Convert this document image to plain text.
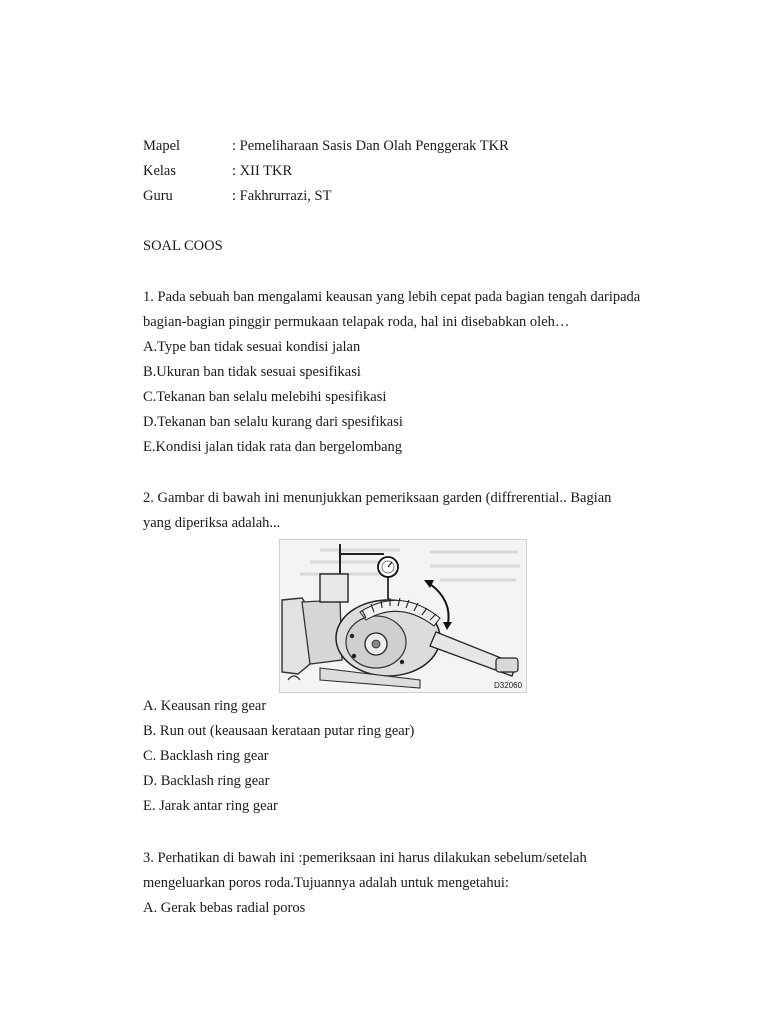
Mapel	: Pemeliharaan Sasis Dan Olah Penggerak TKR
Kelas	: XII TKR
Guru	: Fakhrurrazi, ST
SOAL COOS
1. Pada sebuah ban mengalami keausan yang lebih cepat pada bagian tengah daripada
bagian-bagian pinggir permukaan telapak roda, hal ini disebabkan oleh…
A.Type ban tidak sesuai kondisi jalan
B.Ukuran ban tidak sesuai spesifikasi
C.Tekanan ban selalu melebihi spesifikasi
D.Tekanan ban selalu kurang dari spesifikasi
E.Kondisi jalan tidak rata dan bergelombang
2. Gambar di bawah ini menunjukkan pemeriksaan garden (diffrerential.. Bagian
yang diperiksa adalah...
D32060
A. Keausan ring gear
B. Run out (keausaan kerataan putar ring gear)
C. Backlash ring gear
D. Backlash ring gear
E. Jarak antar ring gear
3. Perhatikan di bawah ini :pemeriksaan ini harus dilakukan sebelum/setelah
mengeluarkan poros roda.Tujuannya adalah untuk mengetahui:
A. Gerak bebas radial poros
